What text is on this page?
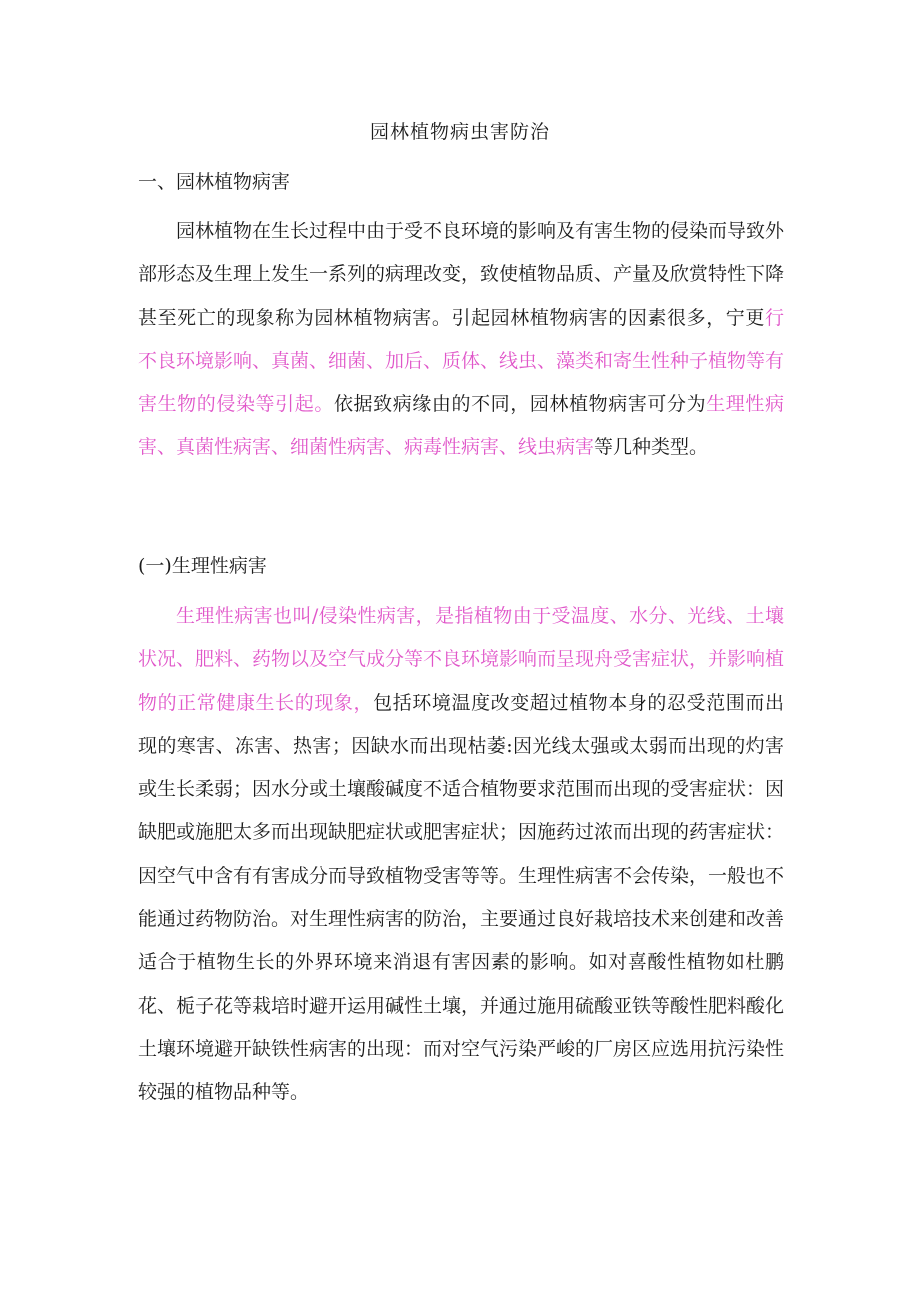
园林植物病虫害防治
一、园林植物病害
园林植物在生长过程中由于受不良环境的影响及有害生物的侵染而导致外部形态及生理上发生一系列的病理改变，致使植物品质、产量及欣赏特性下降甚至死亡的现象称为园林植物病害。引起园林植物病害的因素很多，宁更行不良环境影响、真菌、细菌、加后、质体、线虫、藻类和寄生性种子植物等有害生物的侵染等引起。依据致病缘由的不同，园林植物病害可分为生理性病害、真菌性病害、细菌性病害、病毒性病害、线虫病害等几种类型。
(一)生理性病害
生理性病害也叫/侵染性病害，是指植物由于受温度、水分、光线、土壤状况、肥料、药物以及空气成分等不良环境影响而呈现舟受害症状，并影响植物的正常健康生长的现象，包括环境温度改变超过植物本身的忍受范围而出现的寒害、冻害、热害；因缺水而出现枯萎:因光线太强或太弱而出现的灼害或生长柔弱；因水分或土壤酸碱度不适合植物要求范围而出现的受害症状：因缺肥或施肥太多而出现缺肥症状或肥害症状；因施药过浓而出现的药害症状：因空气中含有有害成分而导致植物受害等等。生理性病害不会传染，一般也不能通过药物防治。对生理性病害的防治，主要通过良好栽培技术来创建和改善适合于植物生长的外界环境来消退有害因素的影响。如对喜酸性植物如杜鹏花、栀子花等栽培时避开运用碱性土壤，并通过施用硫酸亚铁等酸性肥料酸化土壤环境避开缺铁性病害的出现：而对空气污染严峻的厂房区应选用抗污染性较强的植物品种等。
